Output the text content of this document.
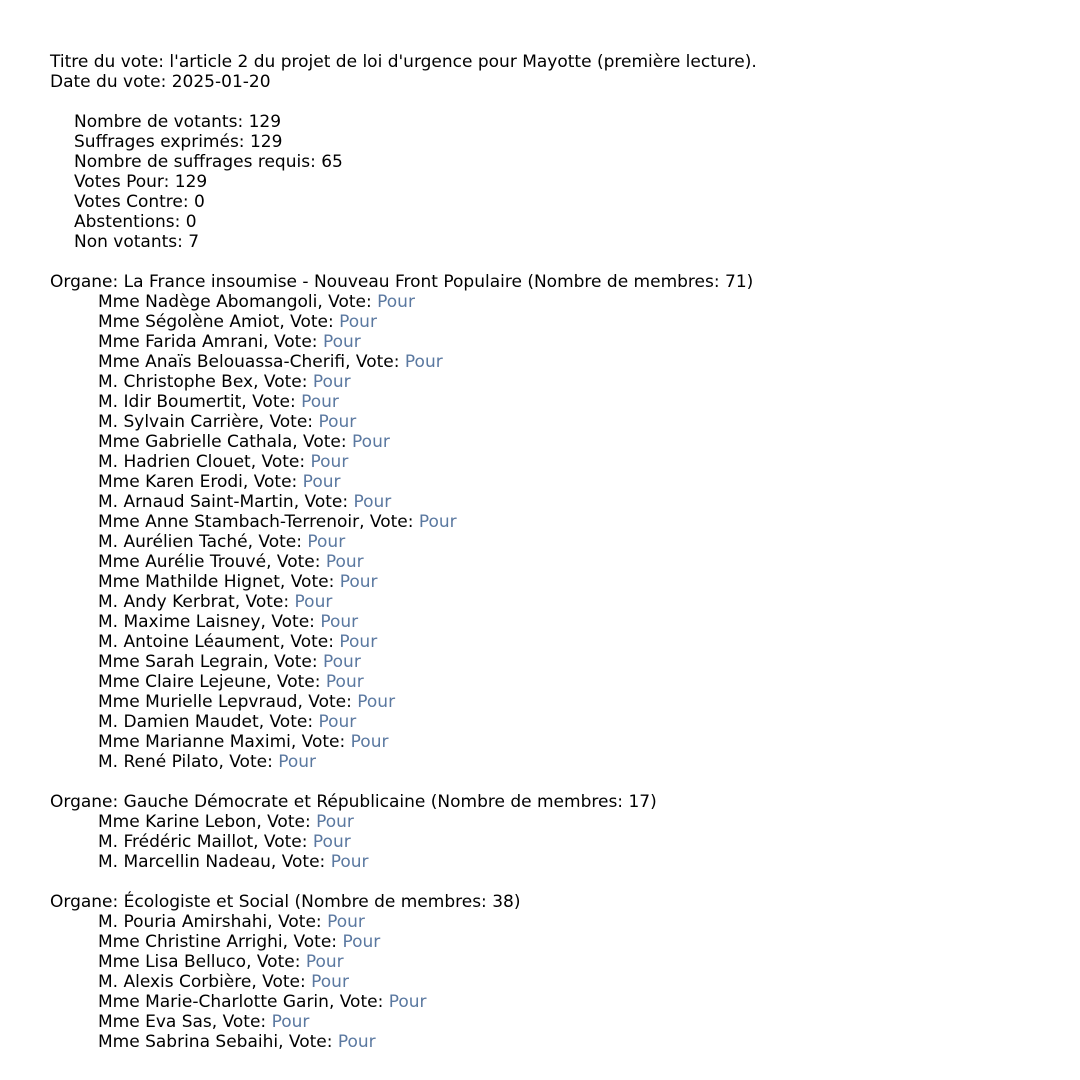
Titre du vote: l'article 2 du projet de loi d'urgence pour Mayotte (première lecture).
Date du vote: 2025-01-20
Nombre de votants: 129
Suffrages exprimés: 129
Nombre de suffrages requis: 65
Votes Pour: 129
Votes Contre: 0
Abstentions: 0
Non votants: 7
Organe: La France insoumise - Nouveau Front Populaire (Nombre de membres: 71)
Mme Nadège Abomangoli, Vote: Pour
Mme Ségolène Amiot, Vote: Pour
Mme Farida Amrani, Vote: Pour
Mme Anaïs Belouassa-Cherifi, Vote: Pour
M. Christophe Bex, Vote: Pour
M. Idir Boumertit, Vote: Pour
M. Sylvain Carrière, Vote: Pour
Mme Gabrielle Cathala, Vote: Pour
M. Hadrien Clouet, Vote: Pour
Mme Karen Erodi, Vote: Pour
M. Arnaud Saint-Martin, Vote: Pour
Mme Anne Stambach-Terrenoir, Vote: Pour
M. Aurélien Taché, Vote: Pour
Mme Aurélie Trouvé, Vote: Pour
Mme Mathilde Hignet, Vote: Pour
M. Andy Kerbrat, Vote: Pour
M. Maxime Laisney, Vote: Pour
M. Antoine Léaument, Vote: Pour
Mme Sarah Legrain, Vote: Pour
Mme Claire Lejeune, Vote: Pour
Mme Murielle Lepvraud, Vote: Pour
M. Damien Maudet, Vote: Pour
Mme Marianne Maximi, Vote: Pour
M. René Pilato, Vote: Pour
Organe: Gauche Démocrate et Républicaine (Nombre de membres: 17)
Mme Karine Lebon, Vote: Pour
M. Frédéric Maillot, Vote: Pour
M. Marcellin Nadeau, Vote: Pour
Organe: Écologiste et Social (Nombre de membres: 38)
M. Pouria Amirshahi, Vote: Pour
Mme Christine Arrighi, Vote: Pour
Mme Lisa Belluco, Vote: Pour
M. Alexis Corbière, Vote: Pour
Mme Marie-Charlotte Garin, Vote: Pour
Mme Eva Sas, Vote: Pour
Mme Sabrina Sebaihi, Vote: Pour
